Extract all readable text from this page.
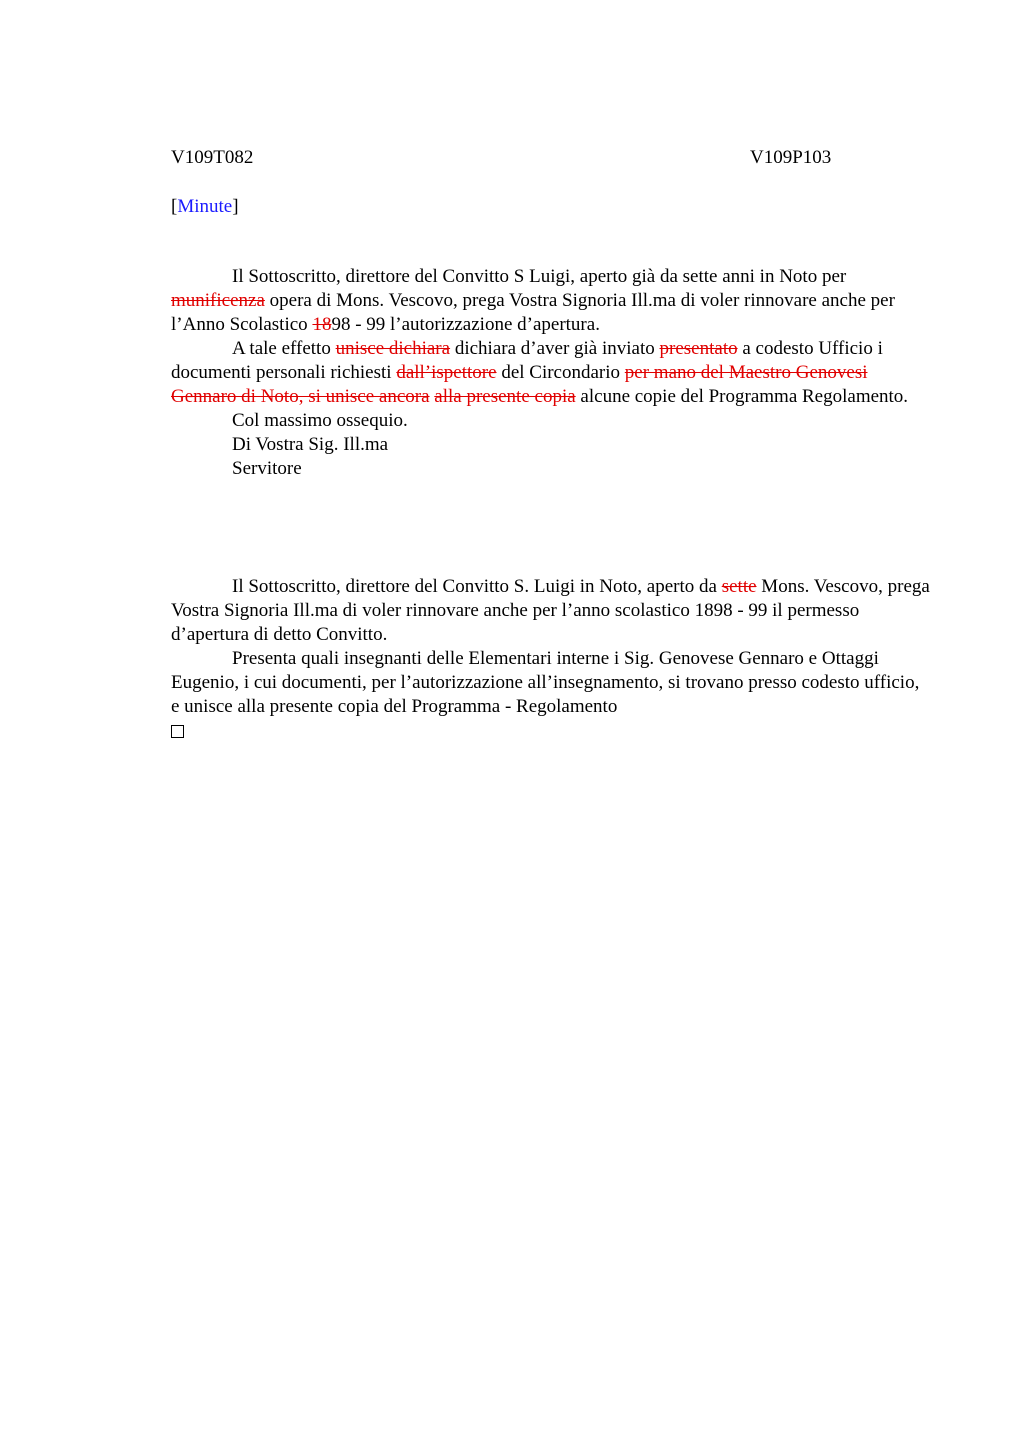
V109T082	V109P103
[Minute]

Il Sottoscritto, direttore del Convitto S Luigi, aperto già da sette anni in Noto per munificenza opera di Mons. Vescovo, prega Vostra Signoria Ill.ma di voler rinnovare anche per l’Anno Scolastico 1898 - 99 l’autorizzazione d’apertura.

A tale effetto unisce dichiara dichiara d’aver già inviato presentato a codesto Ufficio i documenti personali richiesti dall’ispettore del Circondario per mano del Maestro Genovesi Gennaro di Noto, si unisce ancora alla presente copia alcune copie del Programma Regolamento.

Col massimo ossequio.

Di Vostra Sig. Ill.ma

Servitore

Il Sottoscritto, direttore del Convitto S. Luigi in Noto, aperto da sette Mons. Vescovo, prega Vostra Signoria Ill.ma di voler rinnovare anche per l’anno scolastico 1898 - 99 il permesso d’apertura di detto Convitto.

Presenta quali insegnanti delle Elementari interne i Sig. Genovese Gennaro e Ottaggi Eugenio, i cui documenti, per l’autorizzazione all’insegnamento, si trovano presso codesto ufficio, e unisce alla presente copia del Programma - Regolamento
